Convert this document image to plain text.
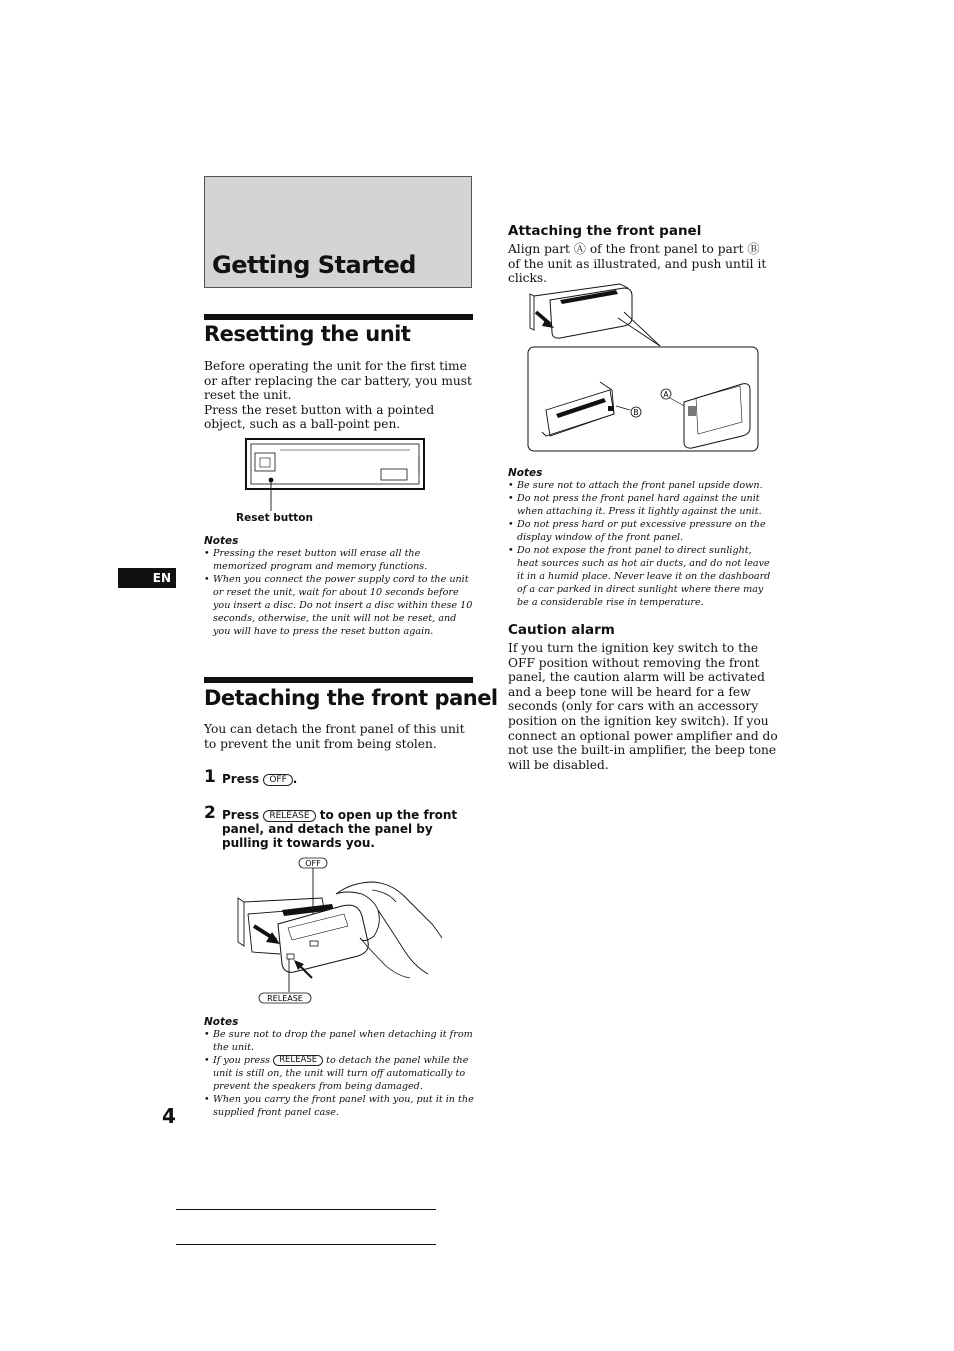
Getting Started
EN
4
Resetting the unit
Before operating the unit for the first time or after replacing the car battery, you must reset the unit.
Press the reset button with a pointed object, such as a ball-point pen.
Reset button
Notes
• Pressing the reset button will erase all the memorized program and memory functions.
• When you connect the power supply cord to the unit or reset the unit, wait for about 10 seconds before you insert a disc. Do not insert a disc within these 10 seconds, otherwise, the unit will not be reset, and you will have to press the reset button again.
Detaching the front panel
You can detach the front panel of this unit to prevent the unit from being stolen.
1 Press OFF .
2 Press RELEASE to open up the front panel, and detach the panel by pulling it towards you.
OFF
RELEASE
Notes
• Be sure not to drop the panel when detaching it from the unit.
• If you press RELEASE to detach the panel while the unit is still on, the unit will turn off automatically to prevent the speakers from being damaged.
• When you carry the front panel with you, put it in the supplied front panel case.
Attaching the front panel
Align part Ⓐ of the front panel to part Ⓑ of the unit as illustrated, and push until it clicks.
B
A
Notes
• Be sure not to attach the front panel upside down.
• Do not press the front panel hard against the unit when attaching it. Press it lightly against the unit.
• Do not press hard or put excessive pressure on the display window of the front panel.
• Do not expose the front panel to direct sunlight, heat sources such as hot air ducts, and do not leave it in a humid place. Never leave it on the dashboard of a car parked in direct sunlight where there may be a considerable rise in temperature.
Caution alarm
If you turn the ignition key switch to the OFF position without removing the front panel, the caution alarm will be activated and a beep tone will be heard for a few seconds (only for cars with an accessory position on the ignition key switch). If you connect an optional power amplifier and do not use the built-in amplifier, the beep tone will be disabled.
